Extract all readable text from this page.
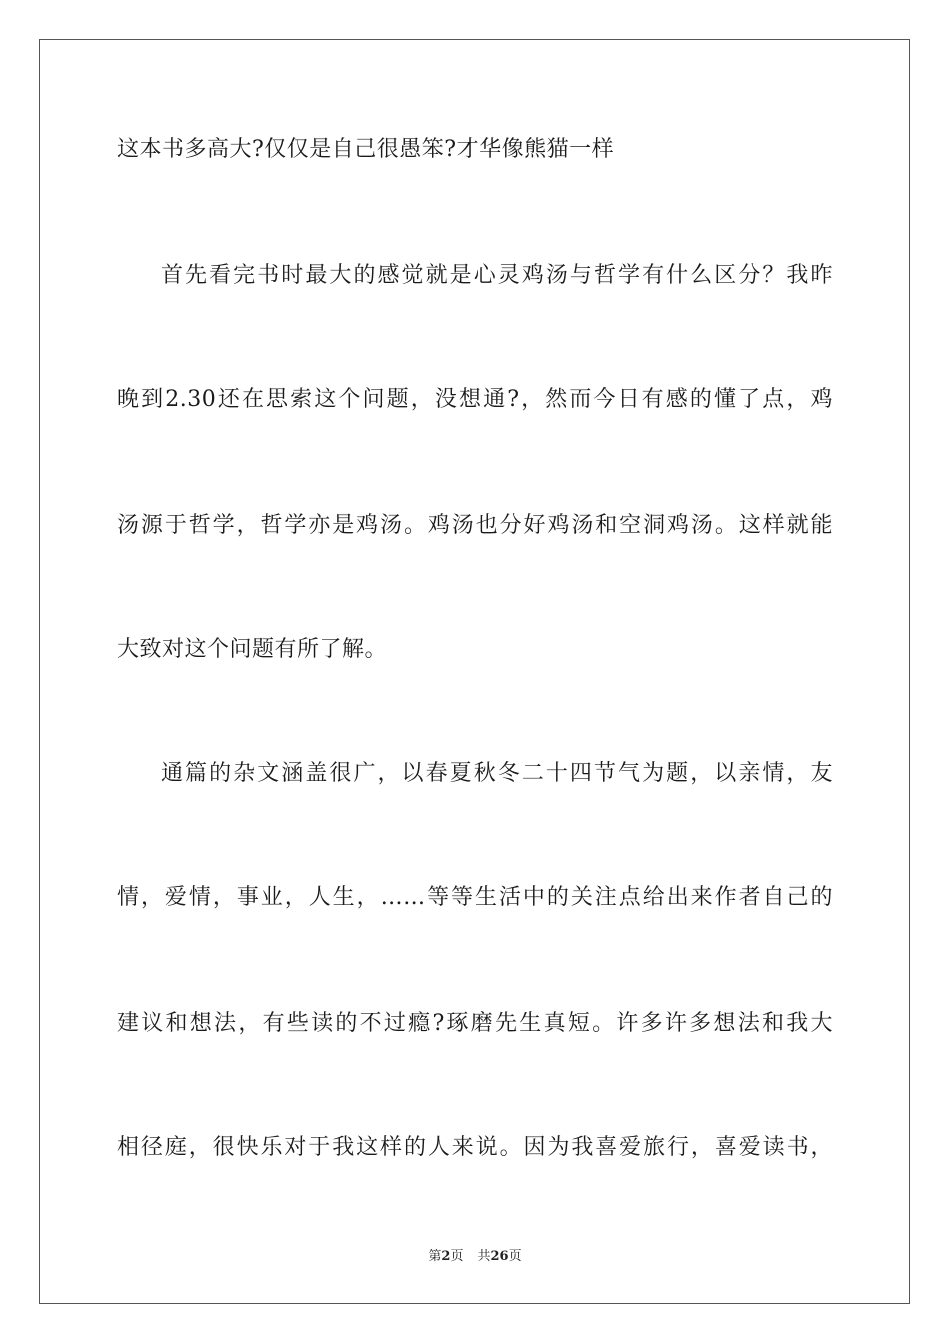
这本书多高大?仅仅是自己很愚笨?才华像熊猫一样
首先看完书时最大的感觉就是心灵鸡汤与哲学有什么区分？我昨
晚到2.30还在思索这个问题，没想通?，然而今日有感的懂了点，鸡
汤源于哲学，哲学亦是鸡汤。鸡汤也分好鸡汤和空洞鸡汤。这样就能
大致对这个问题有所了解。
通篇的杂文涵盖很广，以春夏秋冬二十四节气为题，以亲情，友
情，爱情，事业，人生，……等等生活中的关注点给出来作者自己的
建议和想法，有些读的不过瘾?琢磨先生真短。许多许多想法和我大
相径庭，很快乐对于我这样的人来说。因为我喜爱旅行，喜爱读书，
第2页 共26页
